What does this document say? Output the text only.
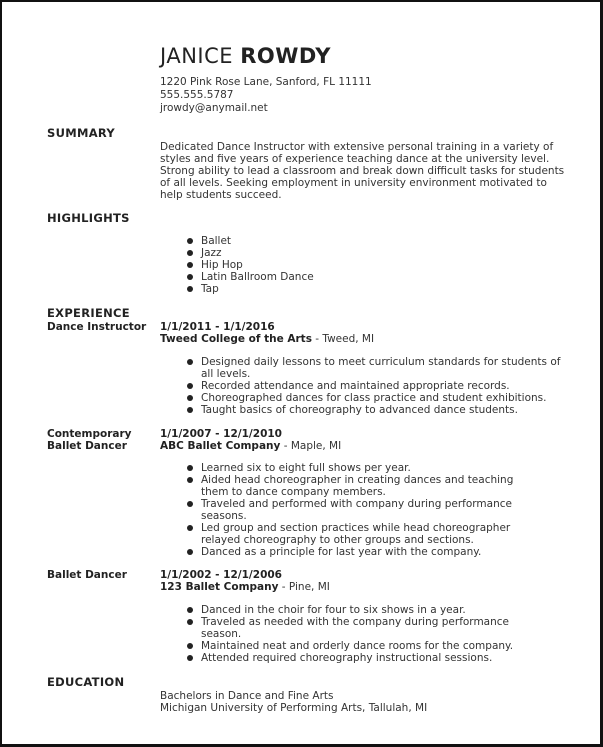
JANICE ROWDY
1220 Pink Rose Lane, Sanford, FL 11111
555.555.5787
jrowdy@anymail.net
SUMMARY
Dedicated Dance Instructor with extensive personal training in a variety of styles and five years of experience teaching dance at the university level. Strong ability to lead a classroom and break down difficult tasks for students of all levels. Seeking employment in university environment motivated to help students succeed.
HIGHLIGHTS
Ballet
Jazz
Hip Hop
Latin Ballroom Dance
Tap
EXPERIENCE
Dance Instructor	1/1/2011 - 1/1/2016
Tweed College of the Arts - Tweed, MI
Designed daily lessons to meet curriculum standards for students of all levels.
Recorded attendance and maintained appropriate records.
Choreographed dances for class practice and student exhibitions.
Taught basics of choreography to advanced dance students.
Contemporary Ballet Dancer
1/1/2007 - 12/1/2010
ABC Ballet Company - Maple, MI
Learned six to eight full shows per year.
Aided head choreographer in creating dances and teaching them to dance company members.
Traveled and performed with company during performance seasons.
Led group and section practices while head choreographer relayed choreography to other groups and sections.
Danced as a principle for last year with the company.
Ballet Dancer	1/1/2002 - 12/1/2006
123 Ballet Company - Pine, MI
Danced in the choir for four to six shows in a year.
Traveled as needed with the company during performance season.
Maintained neat and orderly dance rooms for the company.
Attended required choreography instructional sessions.
EDUCATION
Bachelors in Dance and Fine Arts
Michigan University of Performing Arts, Tallulah, MI
